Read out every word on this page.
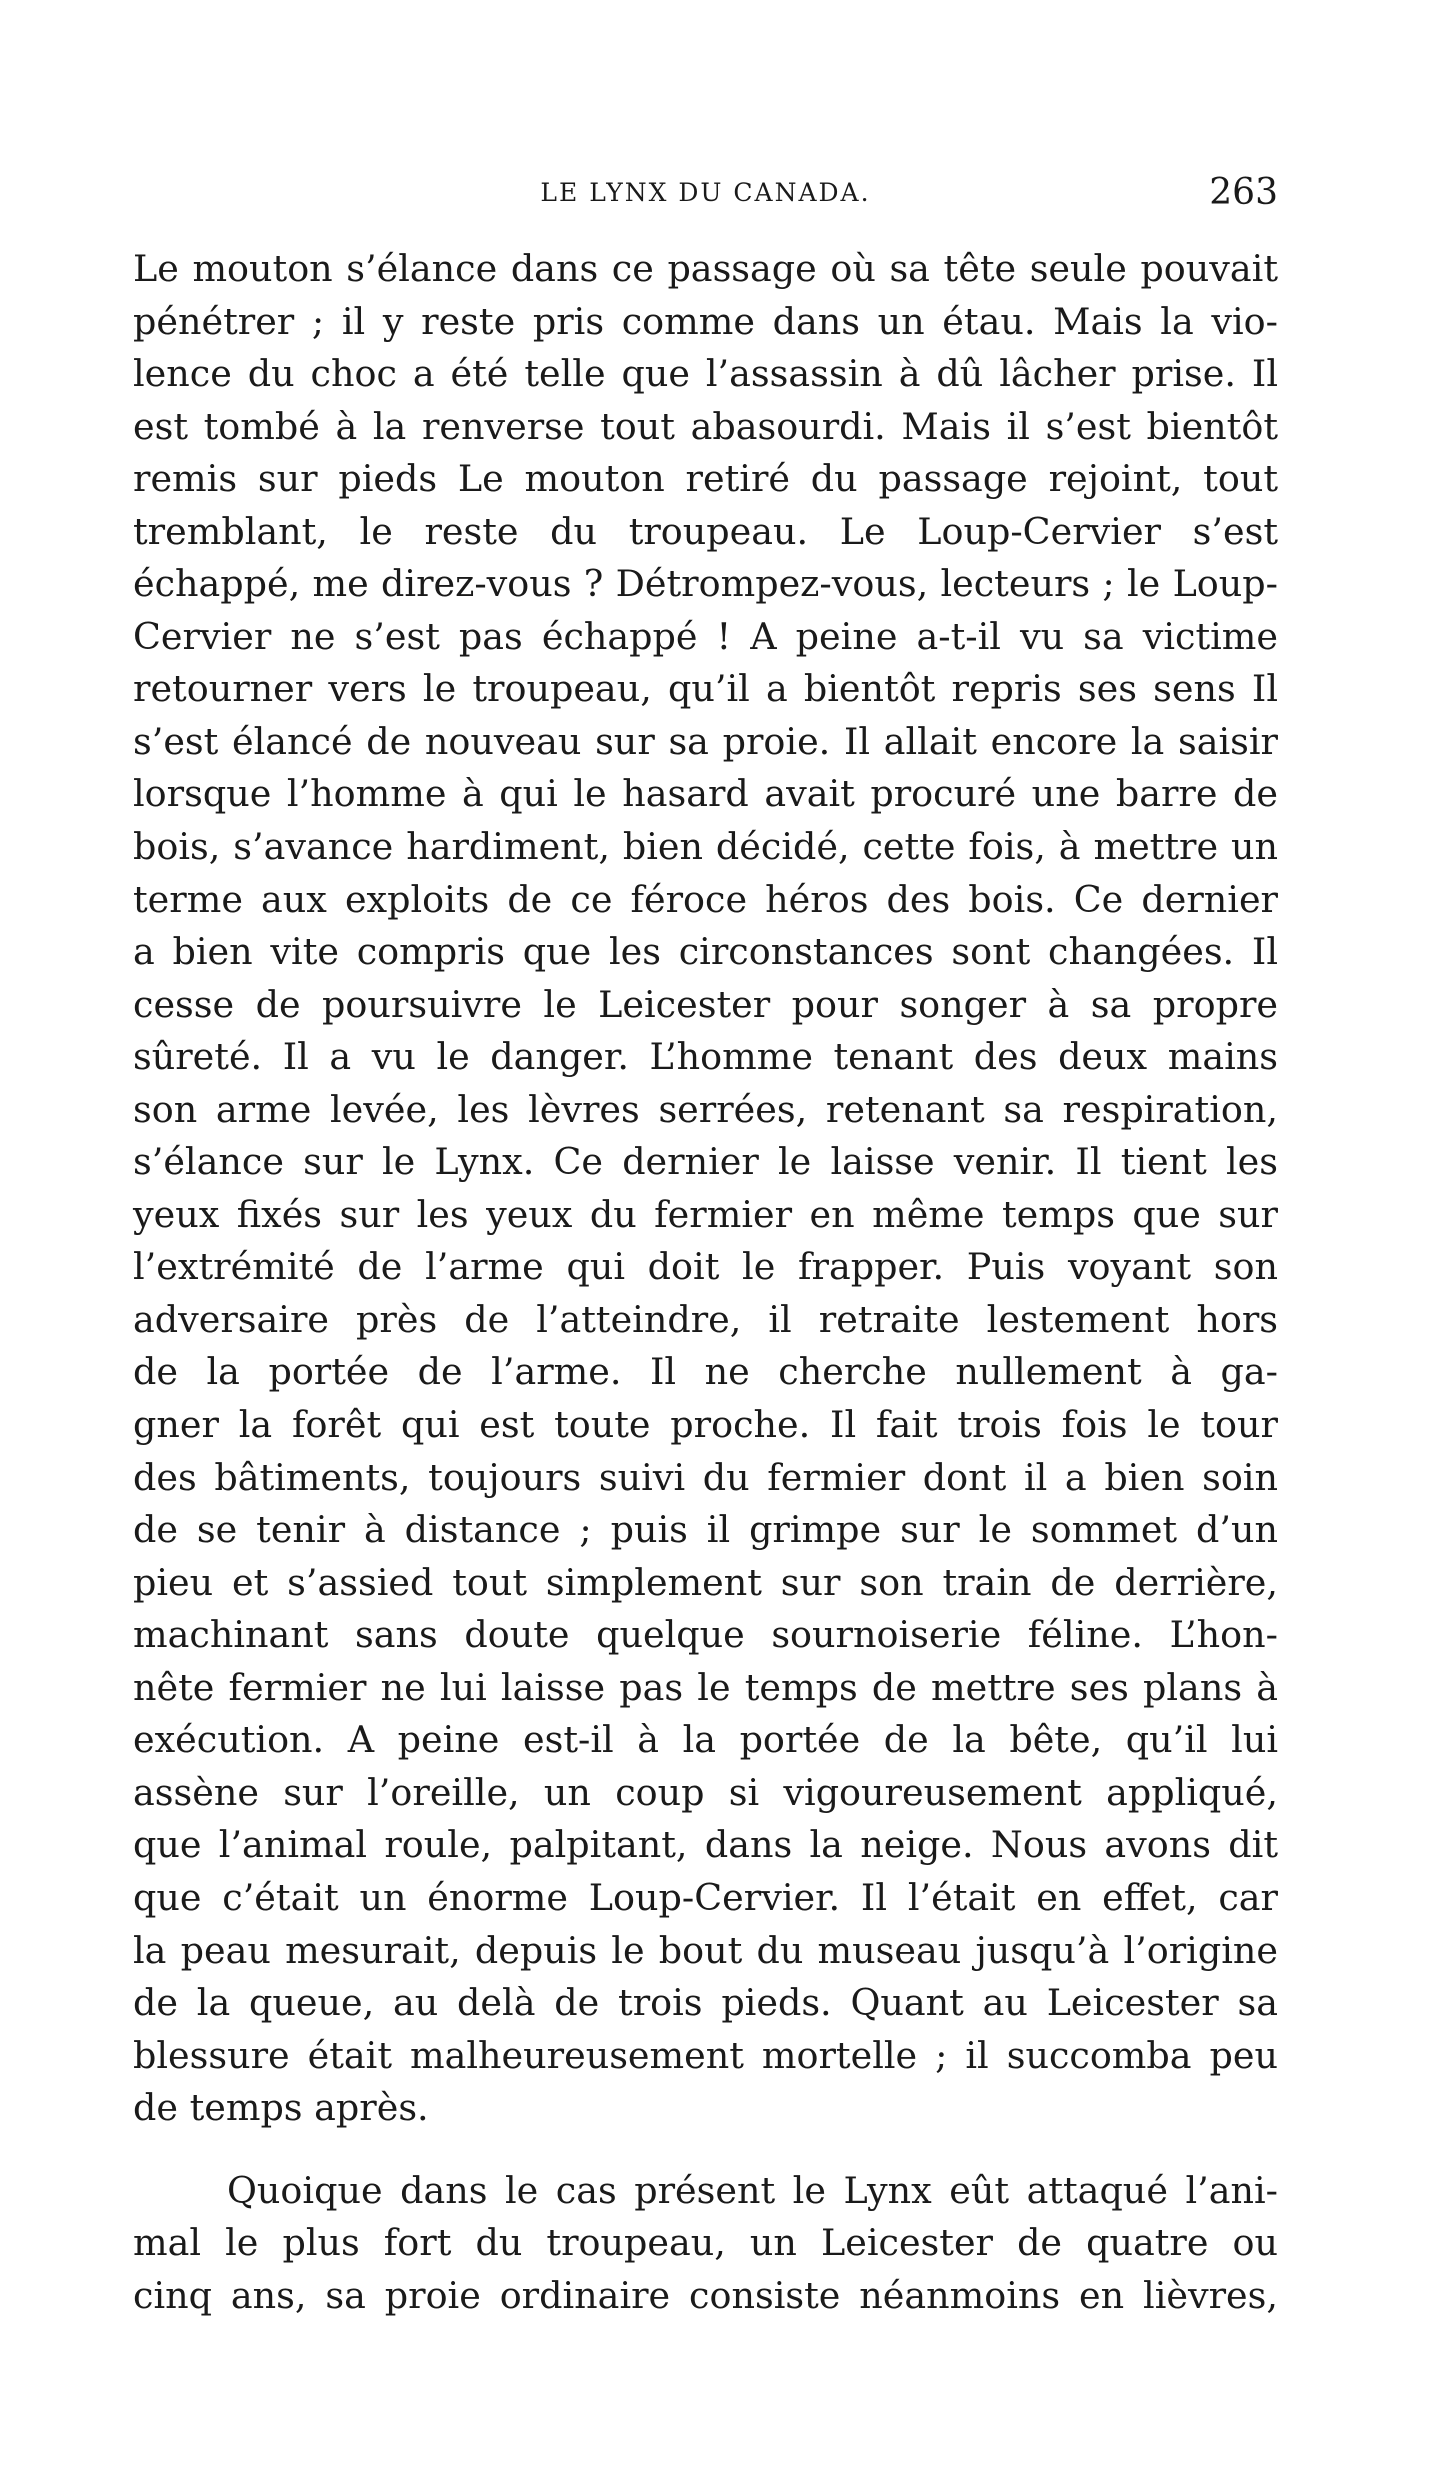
LE LYNX DU CANADA.	263
Le mouton s’élance dans ce passage où sa tête seule pouvait
pénétrer ; il y reste pris comme dans un étau. Mais la vio-
lence du choc a été telle que l’assassin à dû lâcher prise. Il
est tombé à la renverse tout abasourdi. Mais il s’est bientôt
remis sur pieds Le mouton retiré du passage rejoint, tout
tremblant, le reste du troupeau. Le Loup-Cervier s’est
échappé, me direz-vous ? Détrompez-vous, lecteurs ; le Loup-
Cervier ne s’est pas échappé ! A peine a-t-il vu sa victime
retourner vers le troupeau, qu’il a bientôt repris ses sens Il
s’est élancé de nouveau sur sa proie. Il allait encore la saisir
lorsque l’homme à qui le hasard avait procuré une barre de
bois, s’avance hardiment, bien décidé, cette fois, à mettre un
terme aux exploits de ce féroce héros des bois. Ce dernier
a bien vite compris que les circonstances sont changées. Il
cesse de poursuivre le Leicester pour songer à sa propre
sûreté. Il a vu le danger. L’homme tenant des deux mains
son arme levée, les lèvres serrées, retenant sa respiration,
s’élance sur le Lynx. Ce dernier le laisse venir. Il tient les
yeux fixés sur les yeux du fermier en même temps que sur
l’extrémité de l’arme qui doit le frapper. Puis voyant son
adversaire près de l’atteindre, il retraite lestement hors
de la portée de l’arme. Il ne cherche nullement à ga-
gner la forêt qui est toute proche. Il fait trois fois le tour
des bâtiments, toujours suivi du fermier dont il a bien soin
de se tenir à distance ; puis il grimpe sur le sommet d’un
pieu et s’assied tout simplement sur son train de derrière,
machinant sans doute quelque sournoiserie féline. L’hon-
nête fermier ne lui laisse pas le temps de mettre ses plans à
exécution. A peine est-il à la portée de la bête, qu’il lui
assène sur l’oreille, un coup si vigoureusement appliqué,
que l’animal roule, palpitant, dans la neige. Nous avons dit
que c’était un énorme Loup-Cervier. Il l’était en effet, car
la peau mesurait, depuis le bout du museau jusqu’à l’origine
de la queue, au delà de trois pieds. Quant au Leicester sa
blessure était malheureusement mortelle ; il succomba peu
de temps après.
Quoique dans le cas présent le Lynx eût attaqué l’ani-
mal le plus fort du troupeau, un Leicester de quatre ou
cinq ans, sa proie ordinaire consiste néanmoins en lièvres,
